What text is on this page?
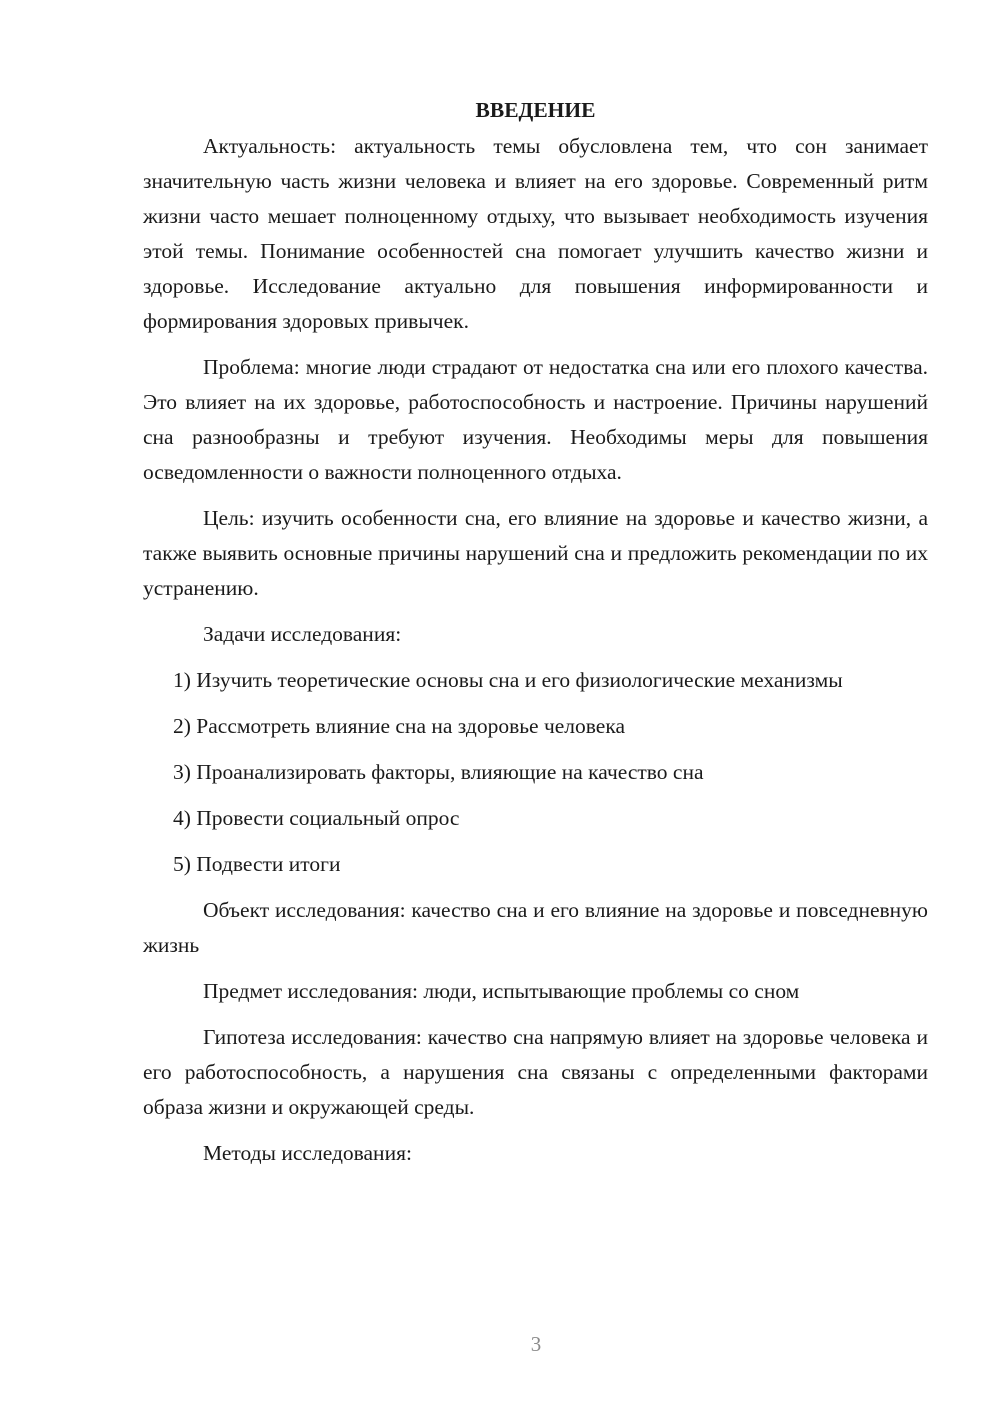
ВВЕДЕНИЕ

Актуальность: актуальность темы обусловлена тем, что сон занимает значительную часть жизни человека и влияет на его здоровье. Современный ритм жизни часто мешает полноценному отдыху, что вызывает необходимость изучения этой темы. Понимание особенностей сна помогает улучшить качество жизни и здоровье. Исследование актуально для повышения информированности и формирования здоровых привычек.

Проблема: многие люди страдают от недостатка сна или его плохого качества. Это влияет на их здоровье, работоспособность и настроение. Причины нарушений сна разнообразны и требуют изучения. Необходимы меры для повышения осведомленности о важности полноценного отдыха.

Цель: изучить особенности сна, его влияние на здоровье и качество жизни, а также выявить основные причины нарушений сна и предложить рекомендации по их устранению.

Задачи исследования:

1) Изучить теоретические основы сна и его физиологические механизмы

2) Рассмотреть влияние сна на здоровье человека

3) Проанализировать факторы, влияющие на качество сна

4) Провести социальный опрос

5) Подвести итоги

Объект исследования: качество сна и его влияние на здоровье и повседневную жизнь

Предмет исследования: люди, испытывающие проблемы со сном

Гипотеза исследования: качество сна напрямую влияет на здоровье человека и его работоспособность, а нарушения сна связаны с определенными факторами образа жизни и окружающей среды.

Методы исследования:

3
